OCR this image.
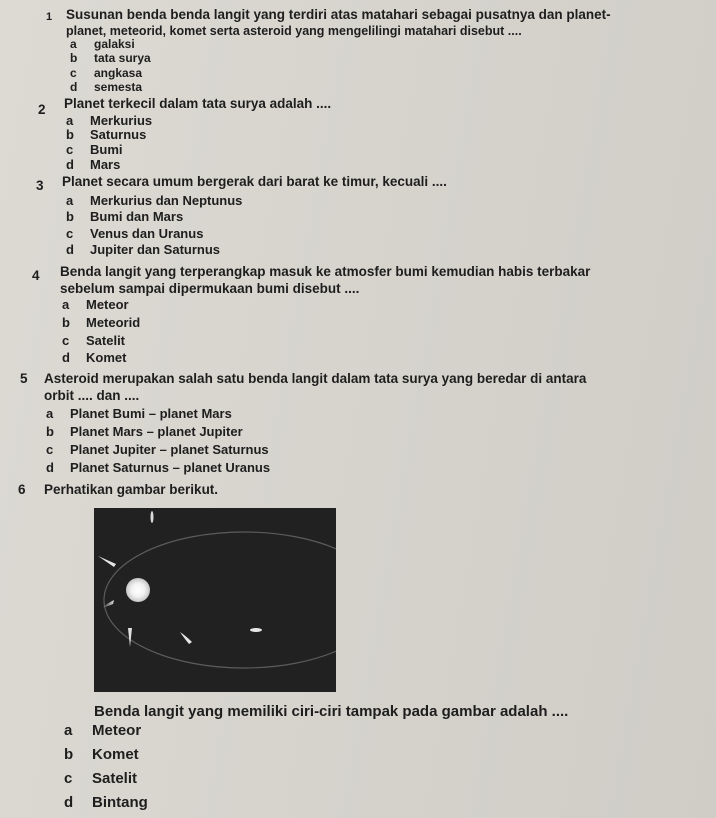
1 Susunan benda benda langit yang terdiri atas matahari sebagai pusatnya dan planet-
planet, meteorid, komet serta asteroid yang mengelilingi matahari disebut ....
a galaksi
b tata surya
c angkasa
d semesta
2 Planet terkecil dalam tata surya adalah ....
a Merkurius
b Saturnus
c Bumi
d Mars
3 Planet secara umum bergerak dari barat ke timur, kecuali ....
a Merkurius dan Neptunus
b Bumi dan Mars
c Venus dan Uranus
d Jupiter dan Saturnus
4 Benda langit yang terperangkap masuk ke atmosfer bumi kemudian habis terbakar
sebelum sampai dipermukaan bumi disebut ....
a Meteor
b Meteorid
c Satelit
d Komet
5 Asteroid merupakan salah satu benda langit dalam tata surya yang beredar di antara
orbit .... dan ....
a Planet Bumi – planet Mars
b Planet Mars – planet Jupiter
c Planet Jupiter – planet Saturnus
d Planet Saturnus – planet Uranus
6 Perhatikan gambar berikut.
Benda langit yang memiliki ciri-ciri tampak pada gambar adalah ....
a Meteor
b Komet
c Satelit
d Bintang
